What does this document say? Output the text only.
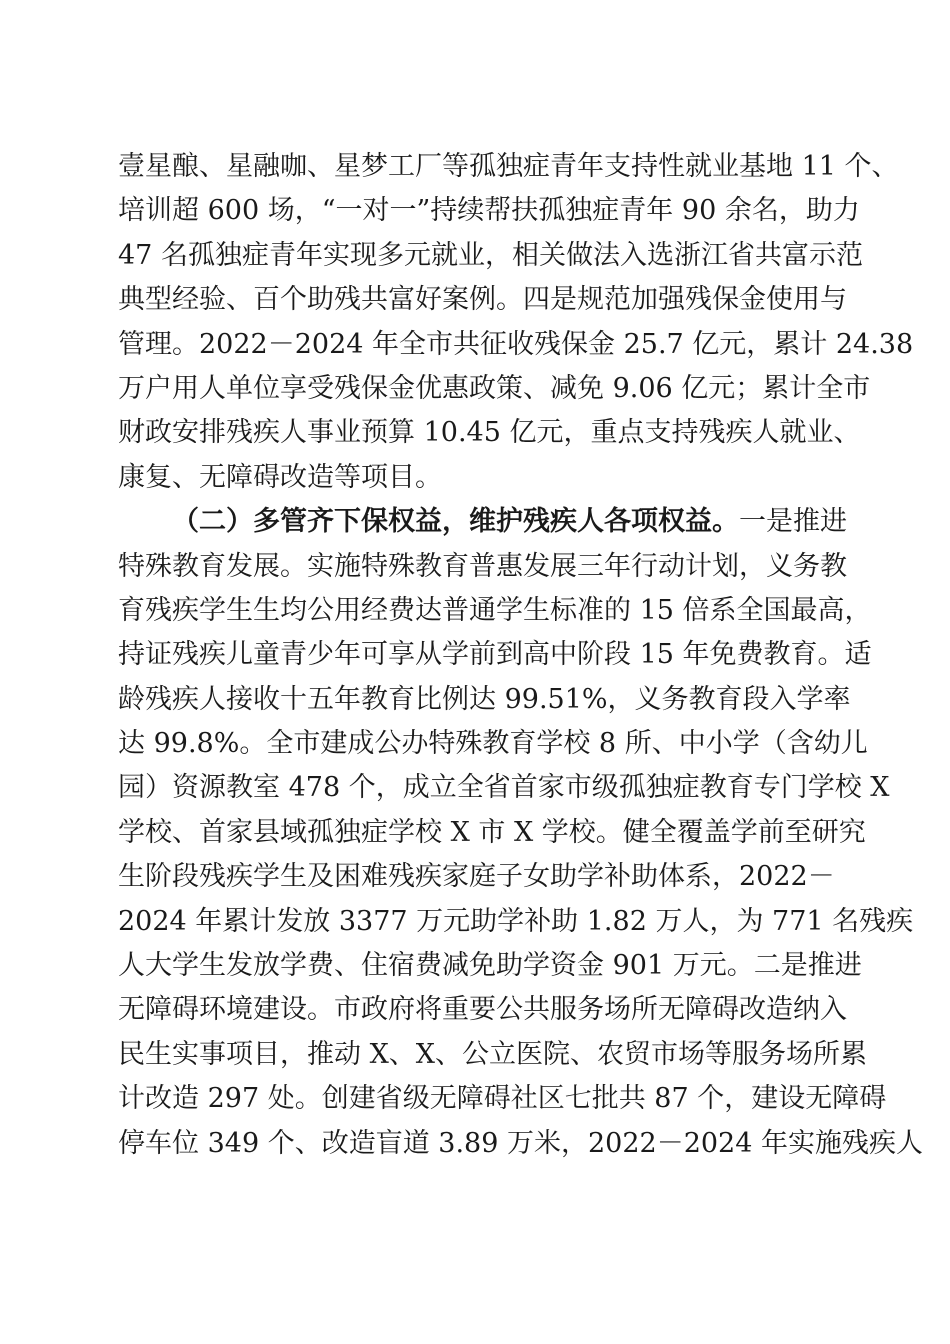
壹星酿、星融咖、星梦工厂等孤独症青年支持性就业基地 11 个、
培训超 600 场，“一对一”持续帮扶孤独症青年 90 余名，助力
47 名孤独症青年实现多元就业，相关做法入选浙江省共富示范
典型经验、百个助残共富好案例。四是规范加强残保金使用与
管理。2022－2024 年全市共征收残保金 25.7 亿元，累计 24.38
万户用人单位享受残保金优惠政策、减免 9.06 亿元；累计全市
财政安排残疾人事业预算 10.45 亿元，重点支持残疾人就业、
康复、无障碍改造等项目。
（二）多管齐下保权益，维护残疾人各项权益。一是推进
特殊教育发展。实施特殊教育普惠发展三年行动计划，义务教
育残疾学生生均公用经费达普通学生标准的 15 倍系全国最高，
持证残疾儿童青少年可享从学前到高中阶段 15 年免费教育。适
龄残疾人接收十五年教育比例达 99.51%，义务教育段入学率
达 99.8%。全市建成公办特殊教育学校 8 所、中小学（含幼儿
园）资源教室 478 个，成立全省首家市级孤独症教育专门学校 X
学校、首家县域孤独症学校 X 市 X 学校。健全覆盖学前至研究
生阶段残疾学生及困难残疾家庭子女助学补助体系，2022－
2024 年累计发放 3377 万元助学补助 1.82 万人，为 771 名残疾
人大学生发放学费、住宿费减免助学资金 901 万元。二是推进
无障碍环境建设。市政府将重要公共服务场所无障碍改造纳入
民生实事项目，推动 X、X、公立医院、农贸市场等服务场所累
计改造 297 处。创建省级无障碍社区七批共 87 个，建设无障碍
停车位 349 个、改造盲道 3.89 万米，2022－2024 年实施残疾人
